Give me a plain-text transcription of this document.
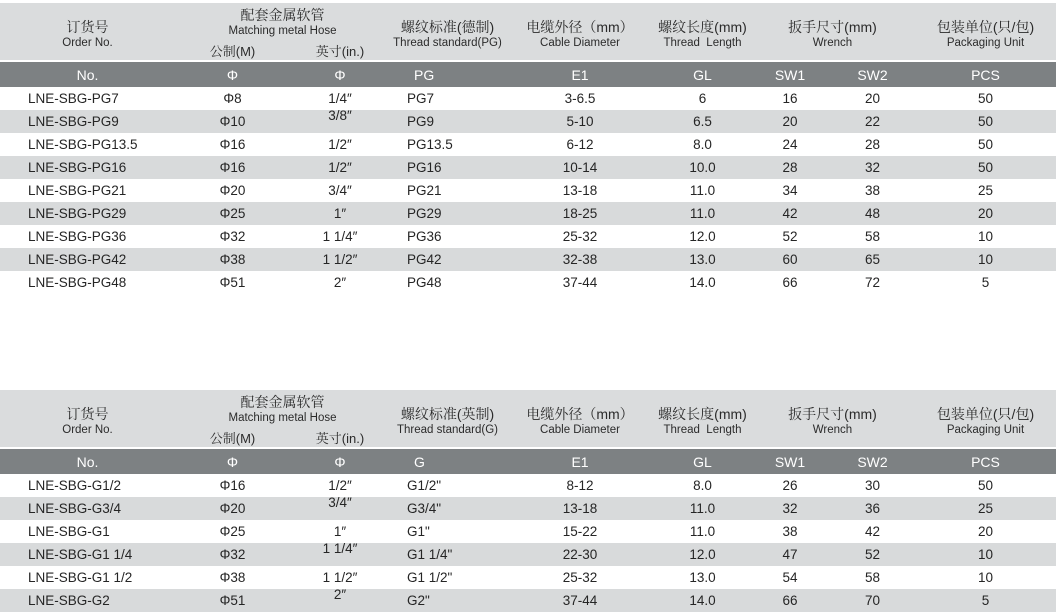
订货号
Order No.
配套金属软管
Matching metal Hose
公制(M)	英寸(in.)
螺纹标准(德制)
Thread standard(PG)
电缆外径（mm）
Cable Diameter
螺纹长度(mm)
Thread  Length
扳手尺寸(mm)
Wrench
包装单位(只/包)
Packaging Unit
No.	Φ	Φ	PG	E1	GL	SW1	SW2	PCS
LNE-SBG-PG7	Φ8	1/4″	PG7	3-6.5	6	16	20	50
LNE-SBG-PG9	Φ10	3/8″	PG9	5-10	6.5	20	22	50
LNE-SBG-PG13.5	Φ16	1/2″	PG13.5	6-12	8.0	24	28	50
LNE-SBG-PG16	Φ16	1/2″	PG16	10-14	10.0	28	32	50
LNE-SBG-PG21	Φ20	3/4″	PG21	13-18	11.0	34	38	25
LNE-SBG-PG29	Φ25	1″	PG29	18-25	11.0	42	48	20
LNE-SBG-PG36	Φ32	1 1/4″	PG36	25-32	12.0	52	58	10
LNE-SBG-PG42	Φ38	1 1/2″	PG42	32-38	13.0	60	65	10
LNE-SBG-PG48	Φ51	2″	PG48	37-44	14.0	66	72	5
订货号
Order No.
配套金属软管
Matching metal Hose
公制(M)	英寸(in.)
螺纹标准(英制)
Thread standard(G)
电缆外径（mm）
Cable Diameter
螺纹长度(mm)
Thread  Length
扳手尺寸(mm)
Wrench
包装单位(只/包)
Packaging Unit
No.	Φ	Φ	G	E1	GL	SW1	SW2	PCS
LNE-SBG-G1/2	Φ16	1/2″	G1/2"	8-12	8.0	26	30	50
LNE-SBG-G3/4	Φ20	3/4″	G3/4"	13-18	11.0	32	36	25
LNE-SBG-G1	Φ25	1″	G1"	15-22	11.0	38	42	20
LNE-SBG-G1 1/4	Φ32	1 1/4″	G1 1/4"	22-30	12.0	47	52	10
LNE-SBG-G1 1/2	Φ38	1 1/2″	G1 1/2"	25-32	13.0	54	58	10
LNE-SBG-G2	Φ51	2″	G2"	37-44	14.0	66	70	5
